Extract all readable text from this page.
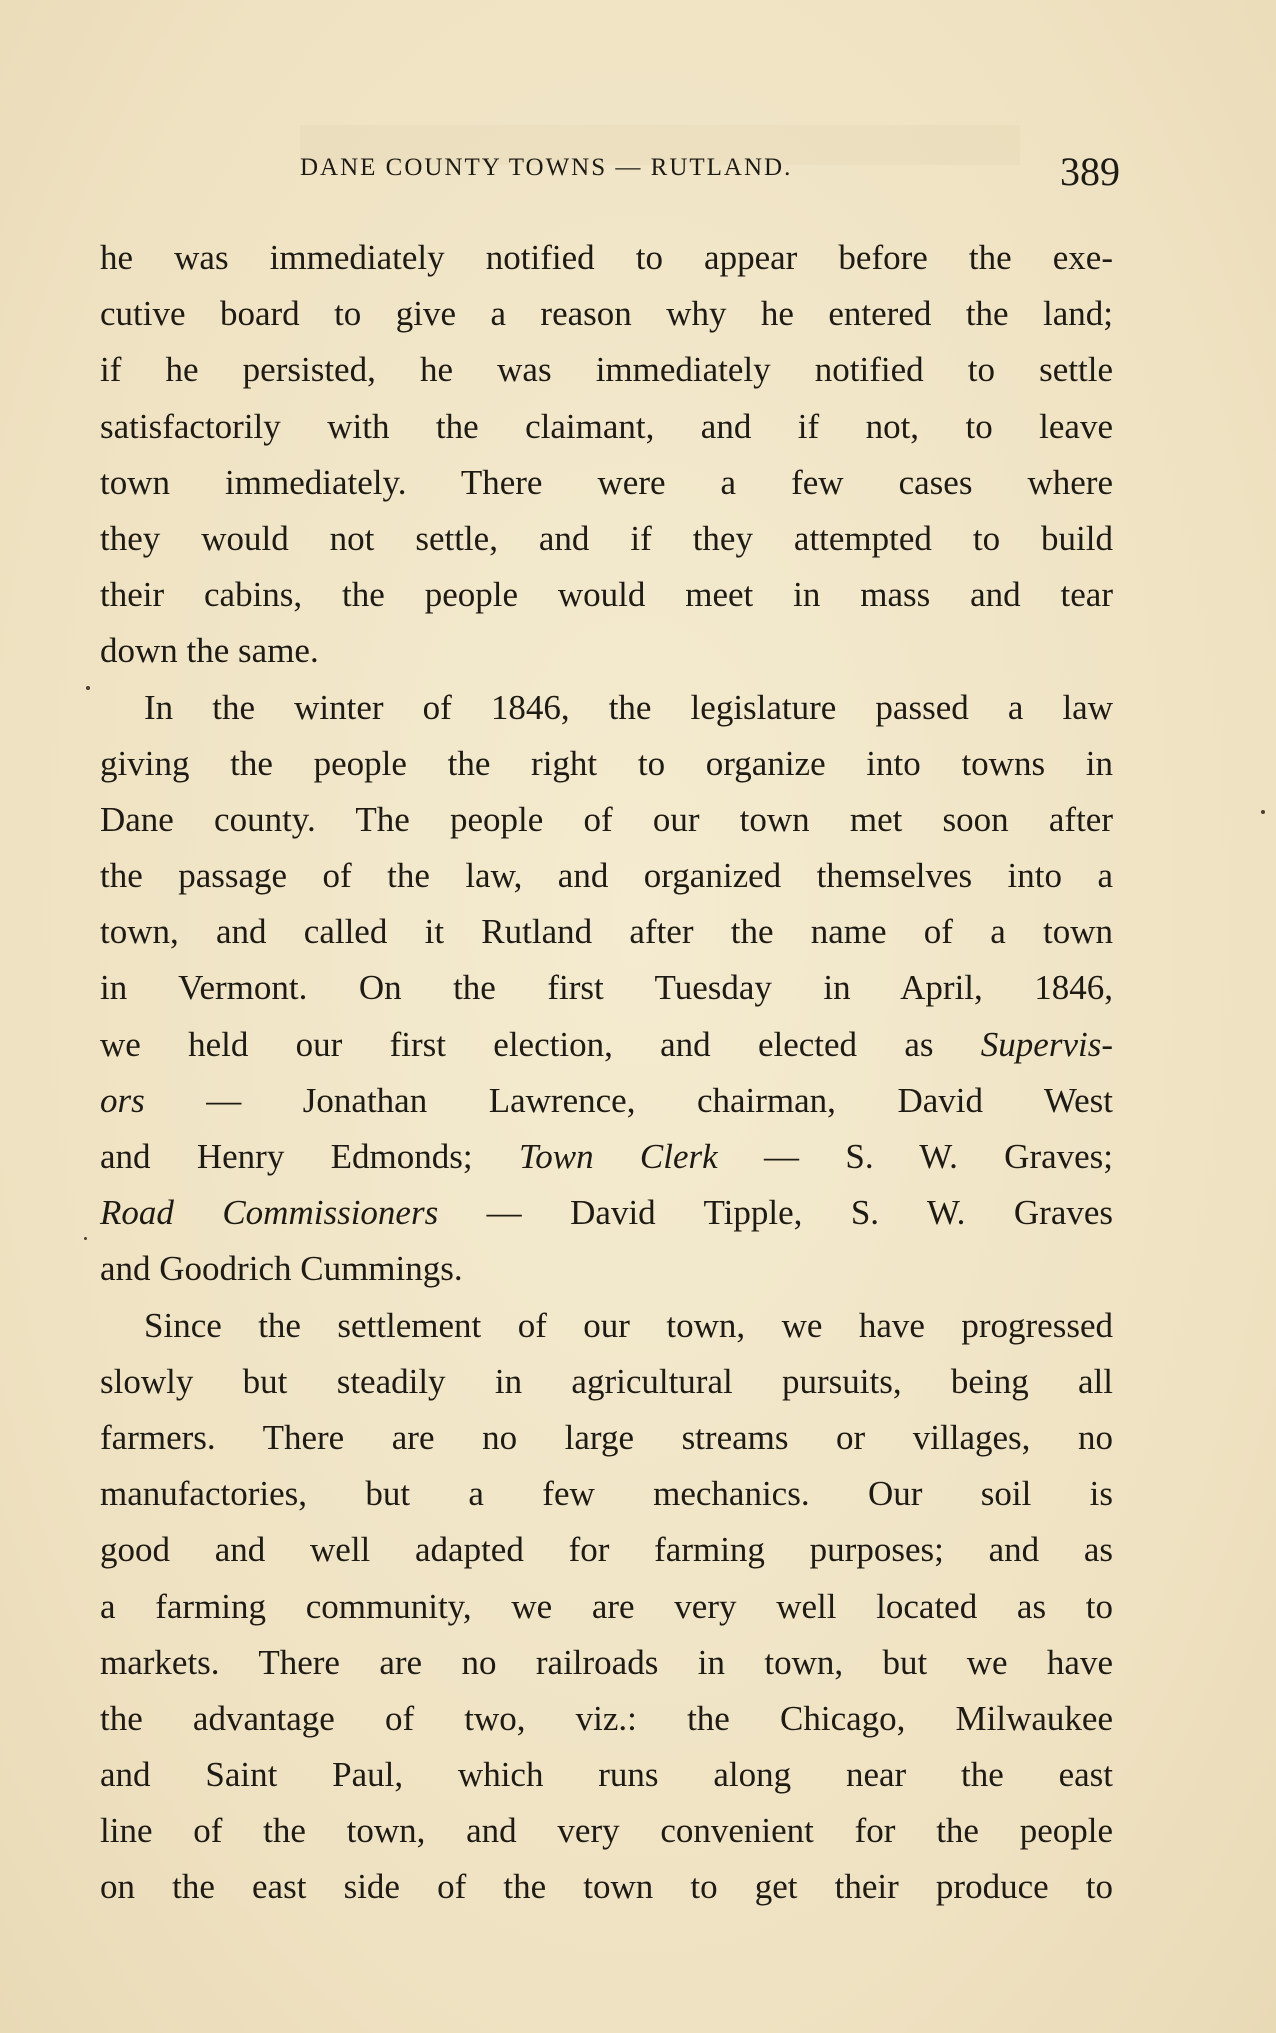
DANE COUNTY TOWNS — RUTLAND.	389
he was immediately notified to appear before the exe-
cutive board to give a reason why he entered the land;
if he persisted, he was immediately notified to settle
satisfactorily with the claimant, and if not, to leave
town immediately. There were a few cases where
they would not settle, and if they attempted to build
their cabins, the people would meet in mass and tear
down the same.
In the winter of 1846, the legislature passed a law
giving the people the right to organize into towns in
Dane county. The people of our town met soon after
the passage of the law, and organized themselves into a
town, and called it Rutland after the name of a town
in Vermont. On the first Tuesday in April, 1846,
we held our first election, and elected as Supervis-
ors — Jonathan Lawrence, chairman, David West
and Henry Edmonds; Town Clerk — S. W. Graves;
Road Commissioners — David Tipple, S. W. Graves
and Goodrich Cummings.
Since the settlement of our town, we have progressed
slowly but steadily in agricultural pursuits, being all
farmers. There are no large streams or villages, no
manufactories, but a few mechanics. Our soil is
good and well adapted for farming purposes; and as
a farming community, we are very well located as to
markets. There are no railroads in town, but we have
the advantage of two, viz.: the Chicago, Milwaukee
and Saint Paul, which runs along near the east
line of the town, and very convenient for the people
on the east side of the town to get their produce to
